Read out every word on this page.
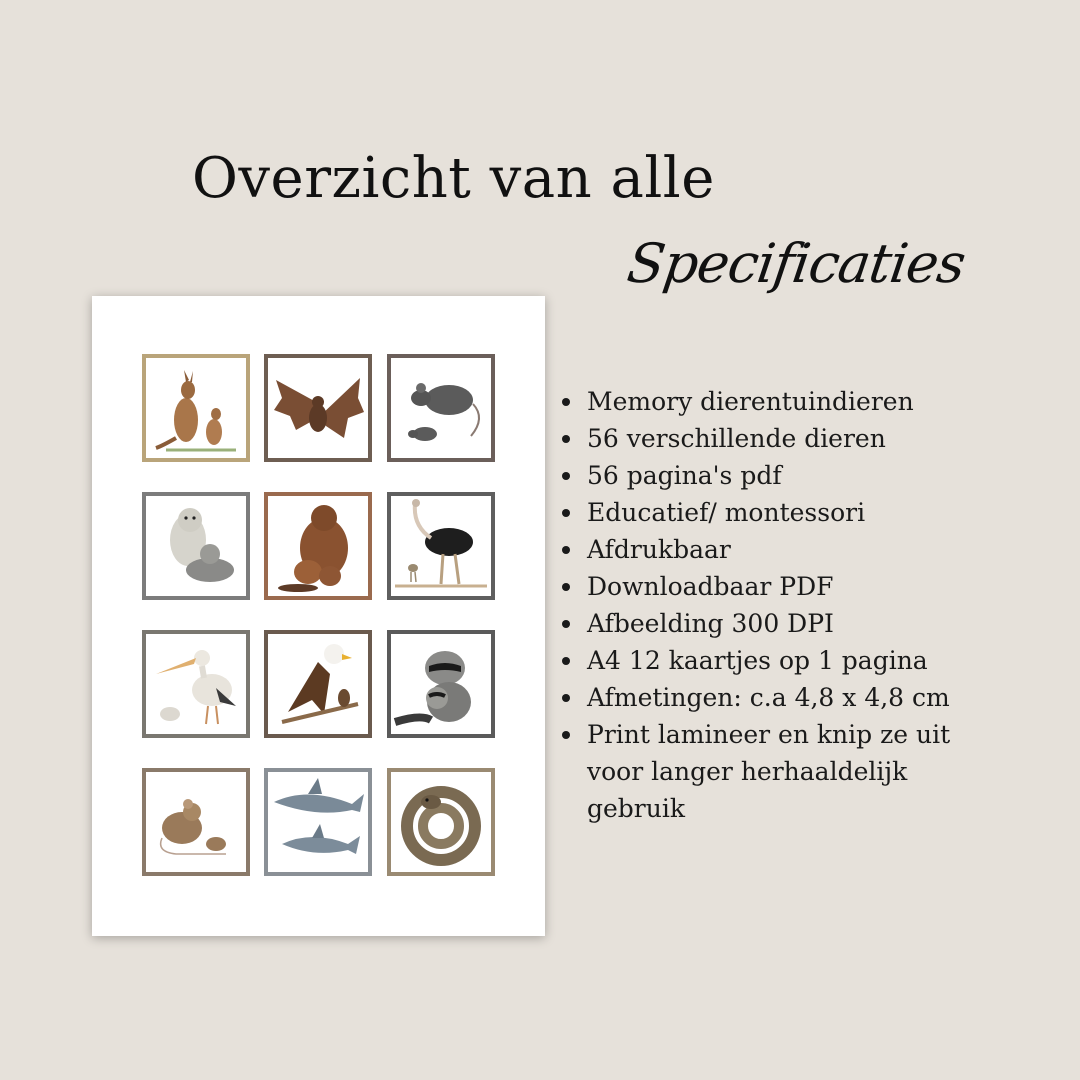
Overzicht van alle
Specificaties
Memory dierentuindieren
56 verschillende dieren
56 pagina's pdf
Educatief/ montessori
Afdrukbaar
Downloadbaar PDF
Afbeelding 300 DPI
A4 12 kaartjes op 1 pagina
Afmetingen: c.a 4,8 x 4,8 cm
Print lamineer en knip ze uit voor langer herhaaldelijk gebruik
